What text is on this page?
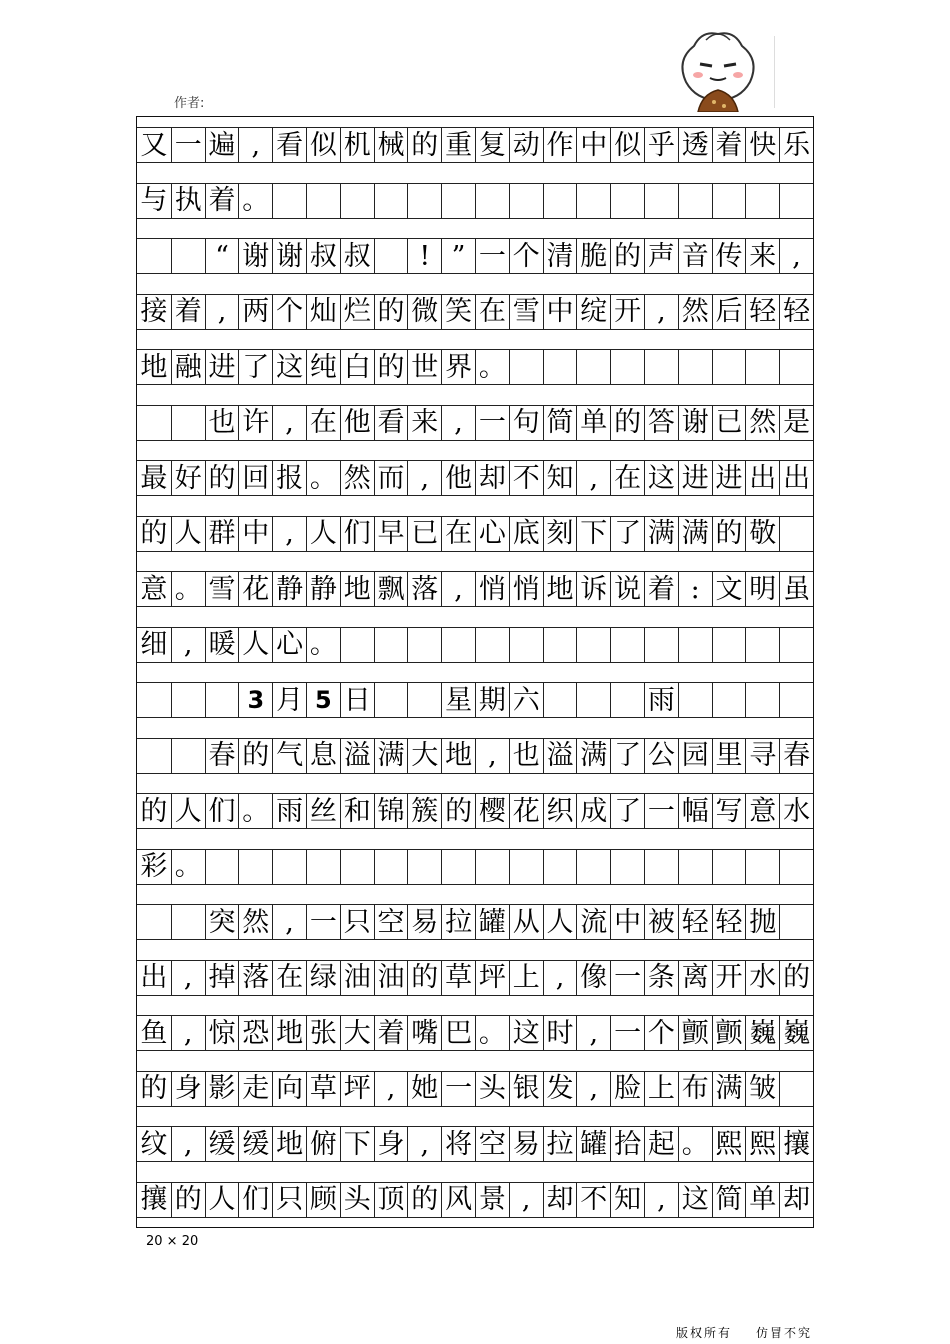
作者:
又 一 遍 , 看 似 机 械 的 重 复 动 作 中 似 乎 透 着 快 乐
与 执 着 。
“ 谢 谢 叔 叔	! ” 一 个 清 脆 的 声 音 传 来 ,
接 着 , 两 个 灿 烂 的 微 笑 在 雪 中 绽 开 , 然 后 轻 轻
地 融 进 了 这 纯 白 的 世 界 。
也 许 , 在 他 看 来 , 一 句 简 单 的 答 谢 已 然 是
最 好 的 回 报 。 然 而 , 他 却 不 知 , 在 这 进 进 出 出
的 人 群 中 , 人 们 早 已 在 心 底 刻 下 了 满 满 的 敬
意 。 雪 花 静 静 地 飘 落 , 悄 悄 地 诉 说 着 : 文 明 虽
细 , 暖 人 心 。
3 月 5 日	星 期 六	雨
春 的 气 息 溢 满 大 地 , 也 溢 满 了 公 园 里 寻 春
的 人 们 。 雨 丝 和 锦 簇 的 樱 花 织 成 了 一 幅 写 意 水
彩 。
突 然 , 一 只 空 易 拉 罐 从 人 流 中 被 轻 轻 抛
出 , 掉 落 在 绿 油 油 的 草 坪 上 , 像 一 条 离 开 水 的
鱼 , 惊 恐 地 张 大 着 嘴 巴 。 这 时 , 一 个 颤 颤 巍 巍
的 身 影 走 向 草 坪 , 她 一 头 银 发 , 脸 上 布 满 皱
纹 , 缓 缓 地 俯 下 身 , 将 空 易 拉 罐 拾 起 。 熙 熙 攘
攘 的 人 们 只 顾 头 顶 的 风 景 , 却 不 知 , 这 简 单 却
20 × 20
版权所有 仿冒不究
